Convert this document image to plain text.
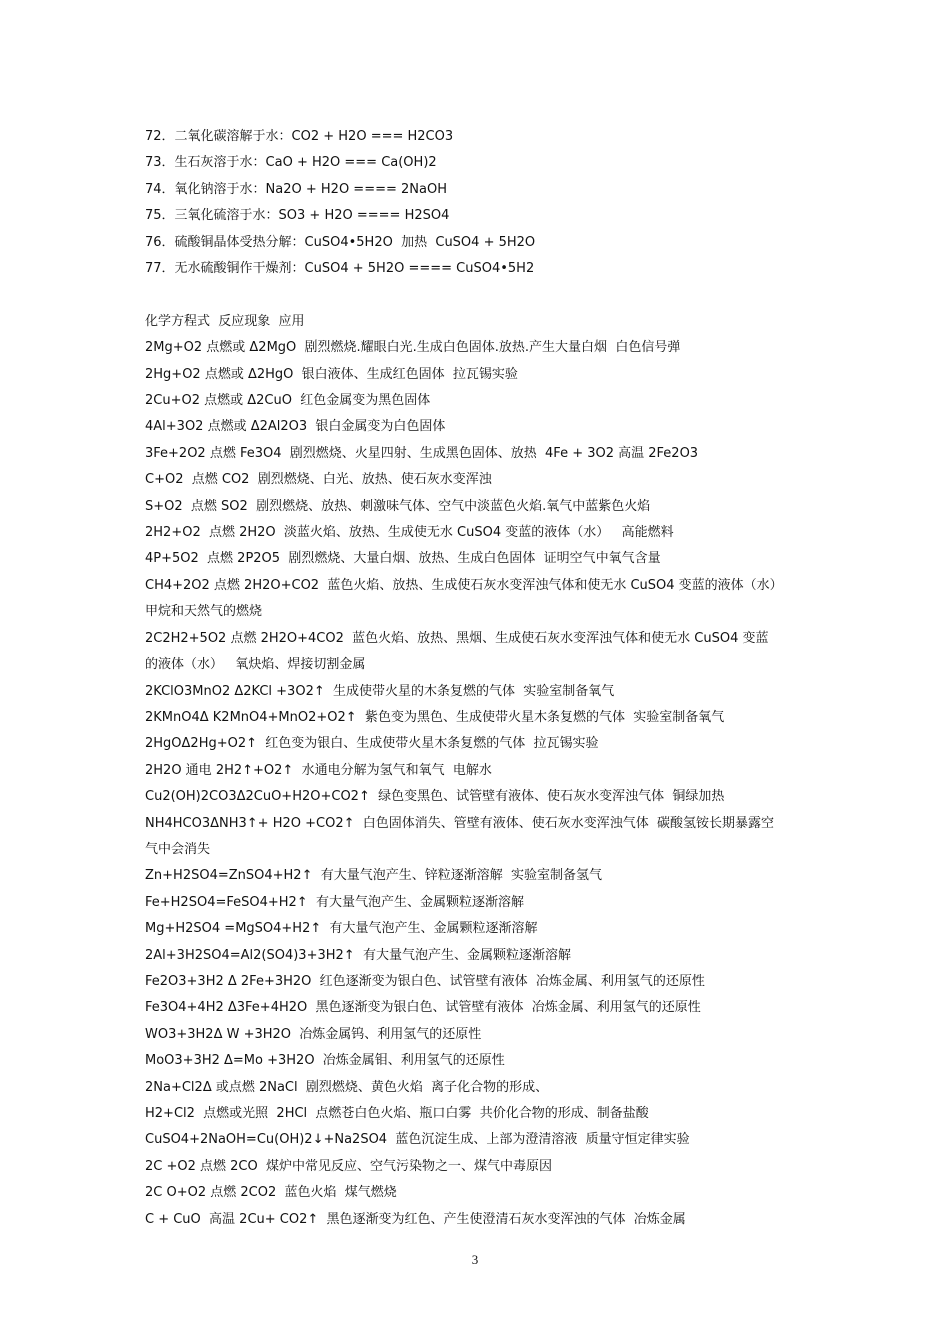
72．二氧化碳溶解于水：CO2 + H2O === H2CO3
73．生石灰溶于水：CaO + H2O === Ca(OH)2
74．氧化钠溶于水：Na2O + H2O ==== 2NaOH
75．三氧化硫溶于水：SO3 + H2O ==== H2SO4
76．硫酸铜晶体受热分解：CuSO4•5H2O  加热  CuSO4 + 5H2O
77．无水硫酸铜作干燥剂：CuSO4 + 5H2O ==== CuSO4•5H2
化学方程式  反应现象  应用
2Mg+O2 点燃或 Δ2MgO  剧烈燃烧.耀眼白光.生成白色固体.放热.产生大量白烟  白色信号弹
2Hg+O2 点燃或 Δ2HgO  银白液体、生成红色固体  拉瓦锡实验
2Cu+O2 点燃或 Δ2CuO  红色金属变为黑色固体
4Al+3O2 点燃或 Δ2Al2O3  银白金属变为白色固体
3Fe+2O2 点燃 Fe3O4  剧烈燃烧、火星四射、生成黑色固体、放热  4Fe + 3O2 高温 2Fe2O3
C+O2  点燃 CO2  剧烈燃烧、白光、放热、使石灰水变浑浊
S+O2  点燃 SO2  剧烈燃烧、放热、刺激味气体、空气中淡蓝色火焰.氧气中蓝紫色火焰
2H2+O2  点燃 2H2O  淡蓝火焰、放热、生成使无水 CuSO4 变蓝的液体（水）   高能燃料
4P+5O2  点燃 2P2O5  剧烈燃烧、大量白烟、放热、生成白色固体  证明空气中氧气含量
CH4+2O2 点燃 2H2O+CO2  蓝色火焰、放热、生成使石灰水变浑浊气体和使无水 CuSO4 变蓝的液体（水）
甲烷和天然气的燃烧
2C2H2+5O2 点燃 2H2O+4CO2  蓝色火焰、放热、黑烟、生成使石灰水变浑浊气体和使无水 CuSO4 变蓝
的液体（水）   氧炔焰、焊接切割金属
2KClO3MnO2 Δ2KCl +3O2↑  生成使带火星的木条复燃的气体  实验室制备氧气
2KMnO4Δ K2MnO4+MnO2+O2↑  紫色变为黑色、生成使带火星木条复燃的气体  实验室制备氧气
2HgOΔ2Hg+O2↑  红色变为银白、生成使带火星木条复燃的气体  拉瓦锡实验
2H2O 通电 2H2↑+O2↑  水通电分解为氢气和氧气  电解水
Cu2(OH)2CO3Δ2CuO+H2O+CO2↑  绿色变黑色、试管壁有液体、使石灰水变浑浊气体  铜绿加热
NH4HCO3ΔNH3↑+ H2O +CO2↑  白色固体消失、管壁有液体、使石灰水变浑浊气体  碳酸氢铵长期暴露空
气中会消失
Zn+H2SO4=ZnSO4+H2↑  有大量气泡产生、锌粒逐渐溶解  实验室制备氢气
Fe+H2SO4=FeSO4+H2↑  有大量气泡产生、金属颗粒逐渐溶解
Mg+H2SO4 =MgSO4+H2↑  有大量气泡产生、金属颗粒逐渐溶解
2Al+3H2SO4=Al2(SO4)3+3H2↑  有大量气泡产生、金属颗粒逐渐溶解
Fe2O3+3H2 Δ 2Fe+3H2O  红色逐渐变为银白色、试管壁有液体  冶炼金属、利用氢气的还原性
Fe3O4+4H2 Δ3Fe+4H2O  黑色逐渐变为银白色、试管壁有液体  冶炼金属、利用氢气的还原性
WO3+3H2Δ W +3H2O  冶炼金属钨、利用氢气的还原性
MoO3+3H2 Δ=Mo +3H2O  冶炼金属钼、利用氢气的还原性
2Na+Cl2Δ 或点燃 2NaCl  剧烈燃烧、黄色火焰  离子化合物的形成、
H2+Cl2  点燃或光照  2HCl  点燃苍白色火焰、瓶口白雾  共价化合物的形成、制备盐酸
CuSO4+2NaOH=Cu(OH)2↓+Na2SO4  蓝色沉淀生成、上部为澄清溶液  质量守恒定律实验
2C +O2 点燃 2CO  煤炉中常见反应、空气污染物之一、煤气中毒原因
2C O+O2 点燃 2CO2  蓝色火焰  煤气燃烧
C + CuO  高温 2Cu+ CO2↑  黑色逐渐变为红色、产生使澄清石灰水变浑浊的气体  冶炼金属
3
